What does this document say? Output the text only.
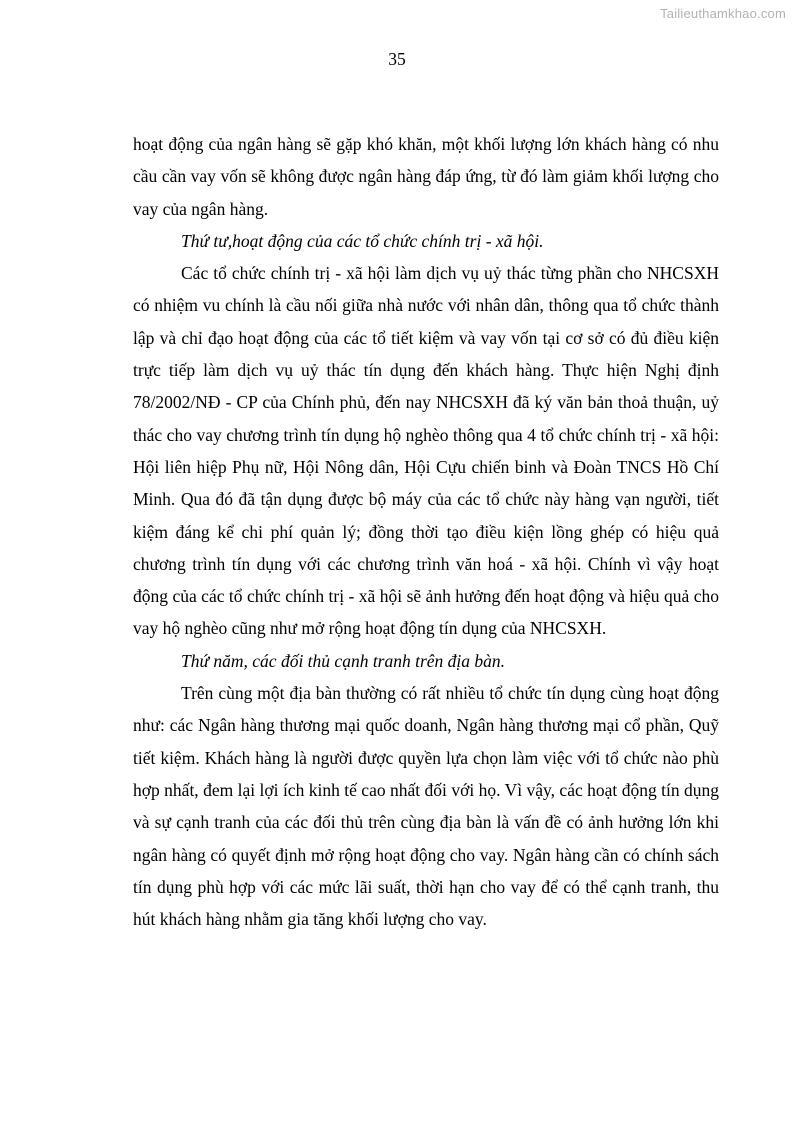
Tailieuthamkhao.com
35

hoạt động của ngân hàng sẽ gặp khó khăn, một khối lượng lớn khách hàng có nhu cầu cần vay vốn sẽ không được ngân hàng đáp ứng, từ đó làm giảm khối lượng cho vay của ngân hàng.

Thứ tư,hoạt động của các tổ chức chính trị - xã hội.

Các tổ chức chính trị - xã hội làm dịch vụ uỷ thác từng phần cho NHCSXH có nhiệm vu chính là cầu nối giữa nhà nước với nhân dân, thông qua tổ chức thành lập và chỉ đạo hoạt động của các tổ tiết kiệm và vay vốn tại cơ sở có đủ điều kiện trực tiếp làm dịch vụ uỷ thác tín dụng đến khách hàng. Thực hiện Nghị định 78/2002/NĐ - CP của Chính phủ, đến nay NHCSXH đã ký văn bản thoả thuận, uỷ thác cho vay chương trình tín dụng hộ nghèo thông qua 4 tổ chức chính trị - xã hội: Hội liên hiệp Phụ nữ, Hội Nông dân, Hội Cựu chiến binh và Đoàn TNCS Hồ Chí Minh. Qua đó đã tận dụng được bộ máy của các tổ chức này hàng vạn người, tiết kiệm đáng kể chi phí quản lý; đồng thời tạo điều kiện lồng ghép có hiệu quả chương trình tín dụng với các chương trình văn hoá - xã hội. Chính vì vậy hoạt động của các tổ chức chính trị - xã hội sẽ ảnh hưởng đến hoạt động và hiệu quả cho vay hộ nghèo cũng như mở rộng hoạt động tín dụng của NHCSXH.

Thứ năm, các đối thủ cạnh tranh trên địa bàn.

Trên cùng một địa bàn thường có rất nhiều tổ chức tín dụng cùng hoạt động như: các Ngân hàng thương mại quốc doanh, Ngân hàng thương mại cổ phần, Quỹ tiết kiệm. Khách hàng là người được quyền lựa chọn làm việc với tổ chức nào phù hợp nhất, đem lại lợi ích kinh tế cao nhất đối với họ. Vì vậy, các hoạt động tín dụng và sự cạnh tranh của các đối thủ trên cùng địa bàn là vấn đề có ảnh hưởng lớn khi ngân hàng có quyết định mở rộng hoạt động cho vay. Ngân hàng cần có chính sách tín dụng phù hợp với các mức lãi suất, thời hạn cho vay để có thể cạnh tranh, thu hút khách hàng nhằm gia tăng khối lượng cho vay.
